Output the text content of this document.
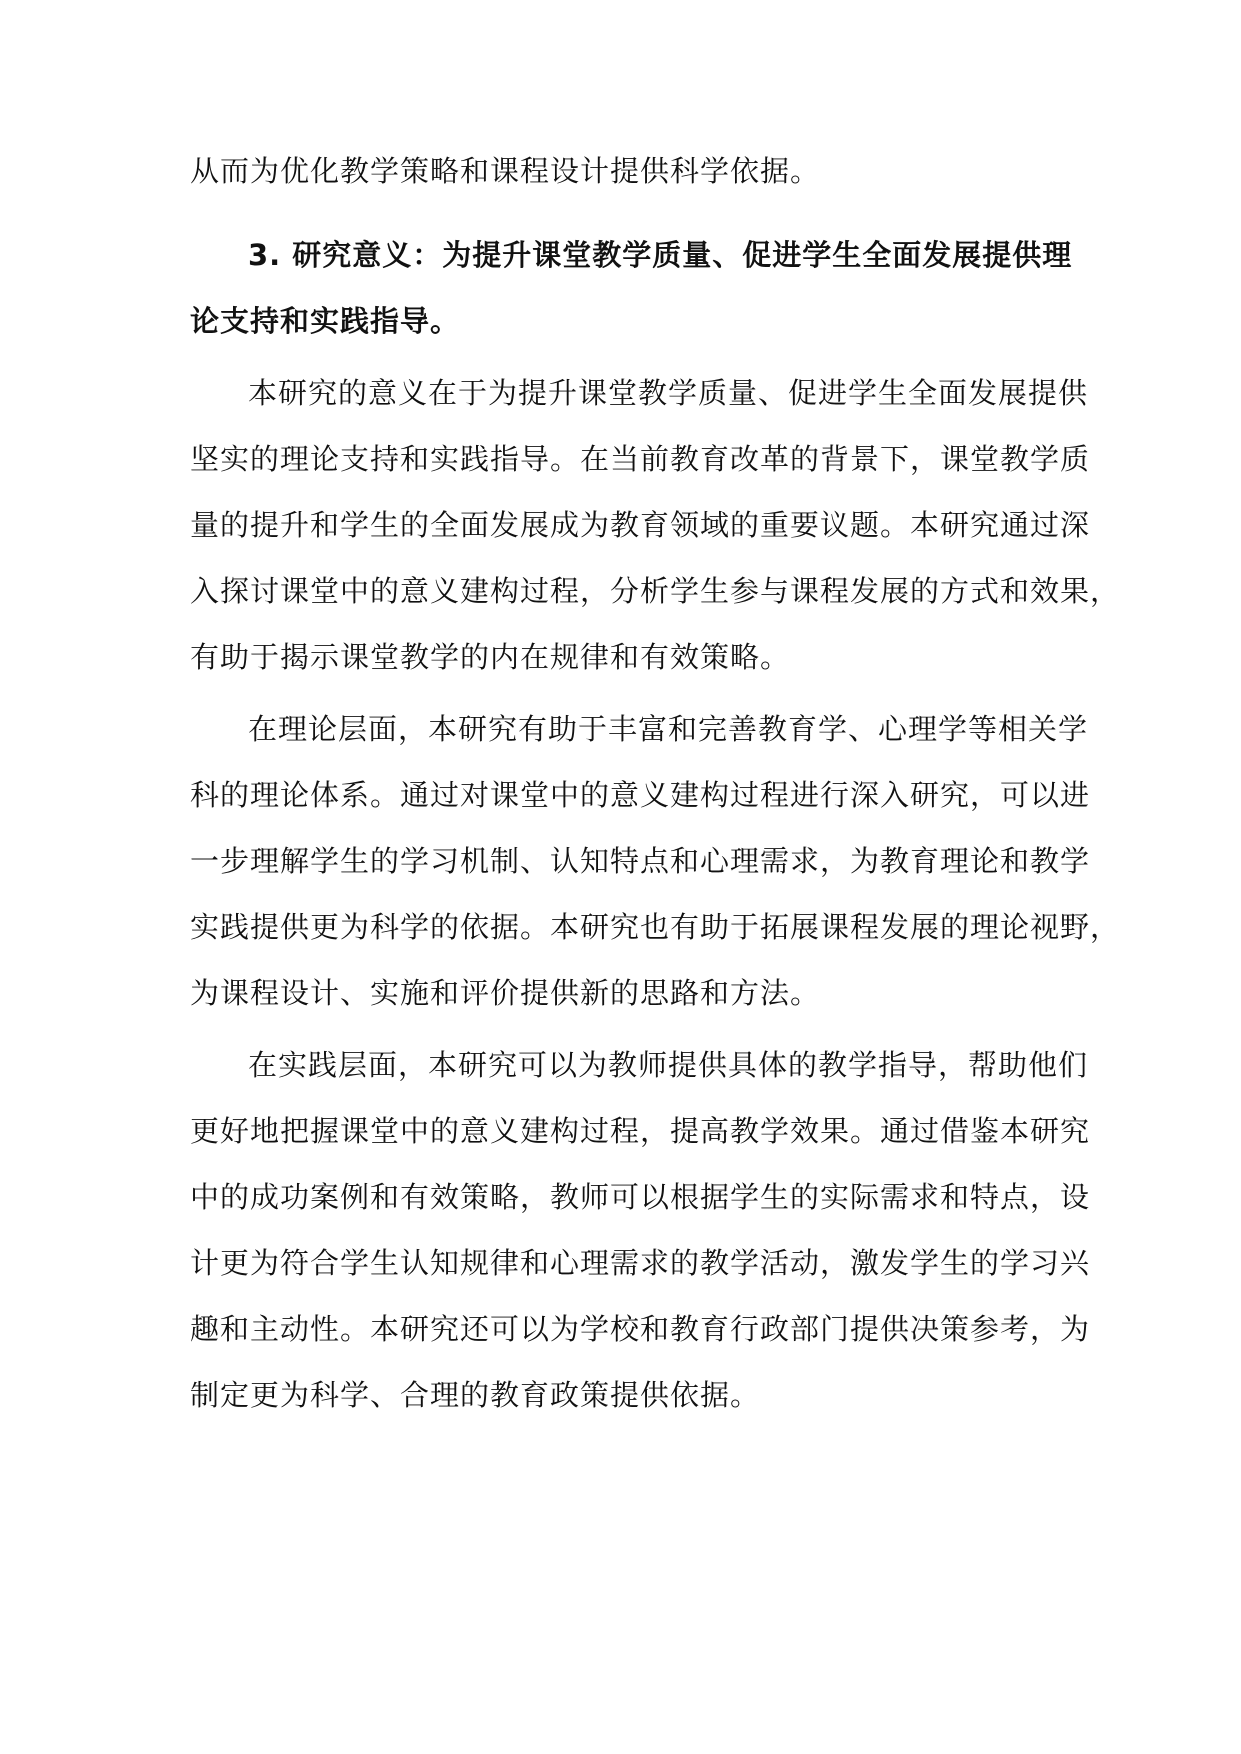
从而为优化教学策略和课程设计提供科学依据。
3. 研究意义：为提升课堂教学质量、促进学生全面发展提供理
论支持和实践指导。
本研究的意义在于为提升课堂教学质量、促进学生全面发展提供
坚实的理论支持和实践指导。在当前教育改革的背景下，课堂教学质
量的提升和学生的全面发展成为教育领域的重要议题。本研究通过深
入探讨课堂中的意义建构过程，分析学生参与课程发展的方式和效果，
有助于揭示课堂教学的内在规律和有效策略。
在理论层面，本研究有助于丰富和完善教育学、心理学等相关学
科的理论体系。通过对课堂中的意义建构过程进行深入研究，可以进
一步理解学生的学习机制、认知特点和心理需求，为教育理论和教学
实践提供更为科学的依据。本研究也有助于拓展课程发展的理论视野，
为课程设计、实施和评价提供新的思路和方法。
在实践层面，本研究可以为教师提供具体的教学指导，帮助他们
更好地把握课堂中的意义建构过程，提高教学效果。通过借鉴本研究
中的成功案例和有效策略，教师可以根据学生的实际需求和特点，设
计更为符合学生认知规律和心理需求的教学活动，激发学生的学习兴
趣和主动性。本研究还可以为学校和教育行政部门提供决策参考，为
制定更为科学、合理的教育政策提供依据。
